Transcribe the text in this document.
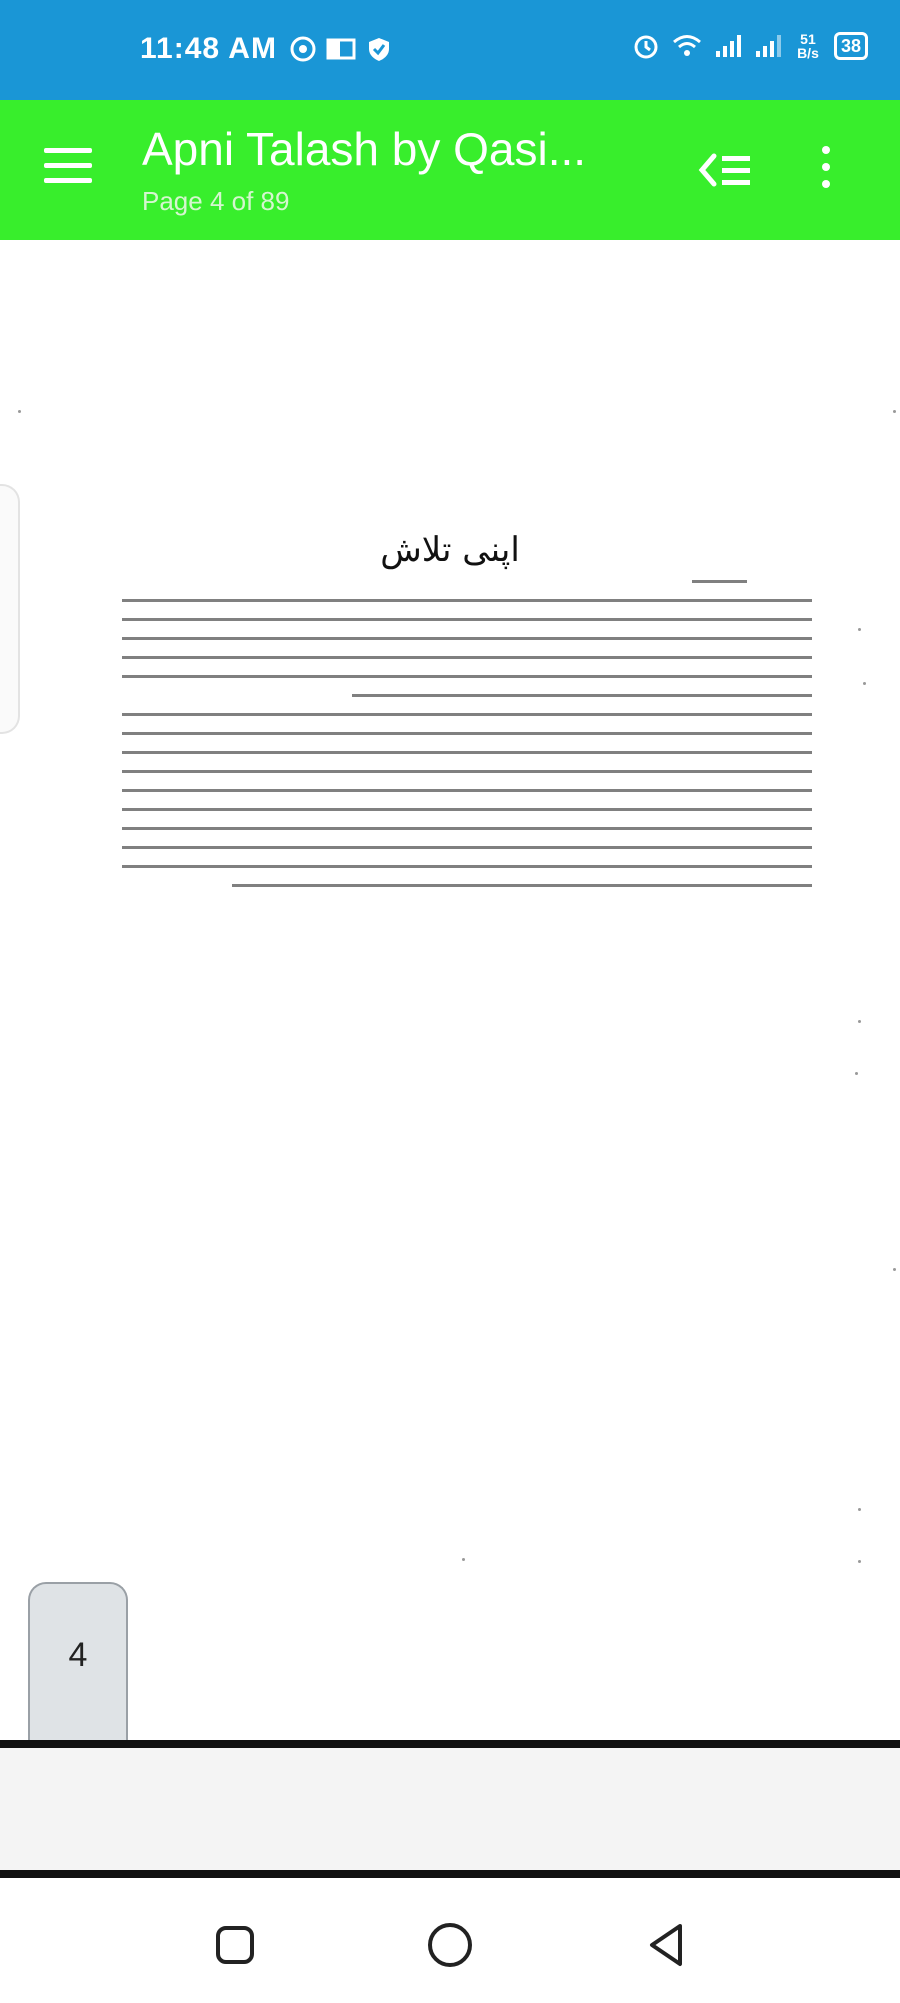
11:48 AM	51 B/s	38
Apni Talash by Qasi...
Page 4 of 89
اپنی تلاش
4
